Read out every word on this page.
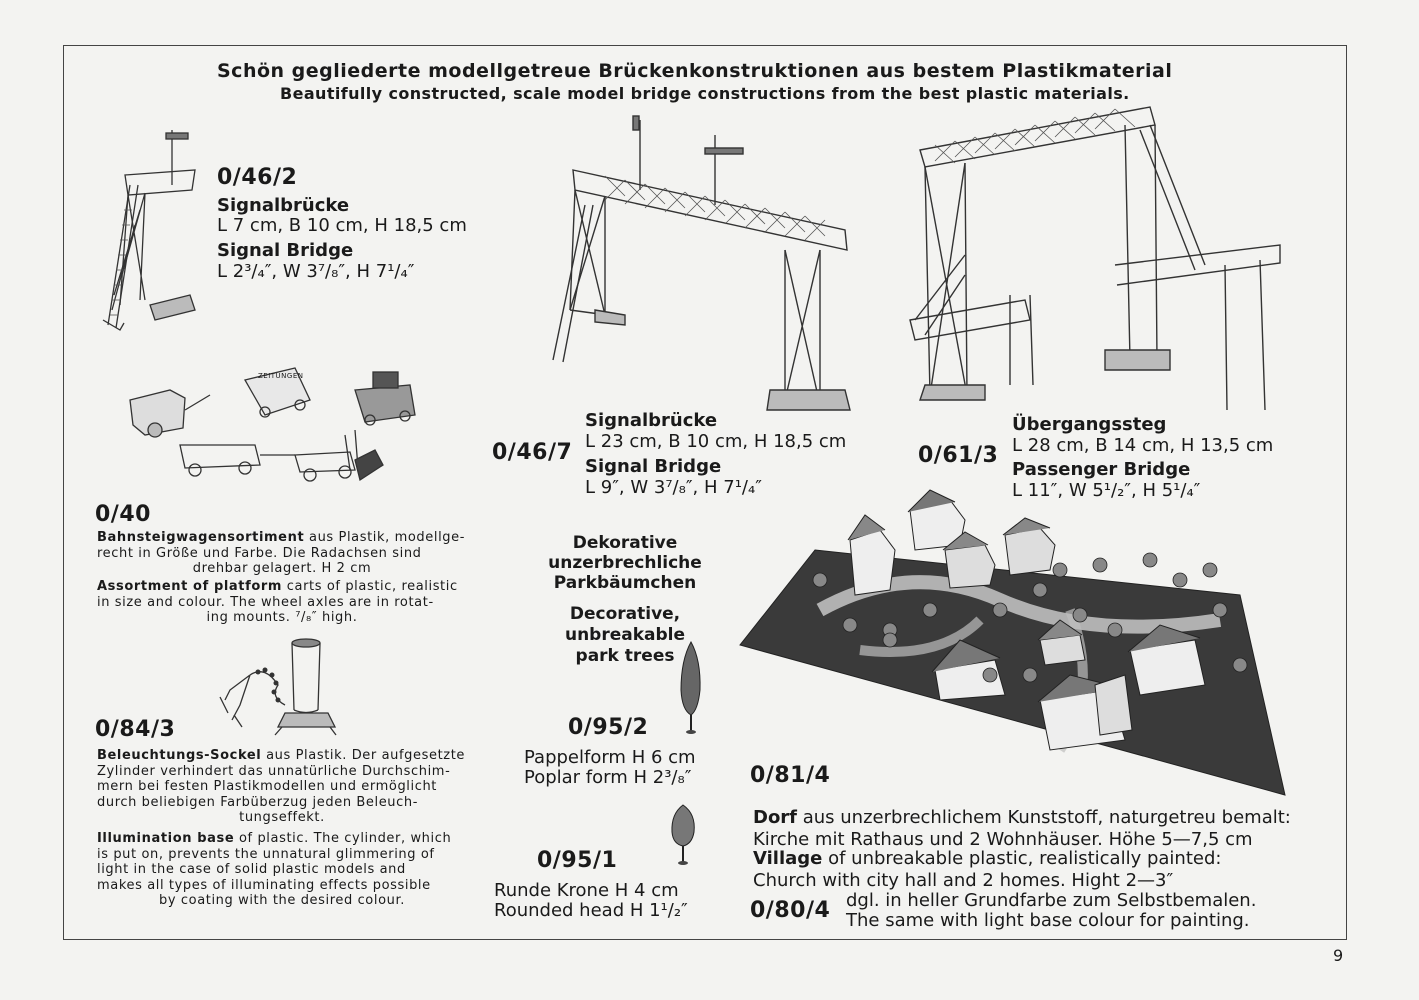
Schön gegliederte modellgetreue Brückenkonstruktionen aus bestem Plastikmaterial
Beautifully constructed, scale model bridge constructions from the best plastic materials.
0/46/2
Signalbrücke
L 7 cm, B 10 cm, H 18,5 cm
Signal Bridge
L 2³/₄″, W 3⁷/₈″, H 7¹/₄″
Signalbrücke
L 23 cm, B 10 cm, H 18,5 cm
0/46/7
Signal Bridge
L 9″, W 3⁷/₈″, H 7¹/₄″
Übergangssteg
L 28 cm, B 14 cm, H 13,5 cm
0/61/3
Passenger Bridge
L 11″, W 5¹/₂″, H 5¹/₄″
ZEITUNGEN
0/40
Bahnsteigwagensortiment aus Plastik, modellge-
recht in Größe und Farbe. Die Radachsen sind
drehbar gelagert. H 2 cm
Assortment of platform carts of plastic, realistic
in size and colour. The wheel axles are in rotat-
ing mounts. ⁷/₈″ high.
0/84/3
Beleuchtungs-Sockel aus Plastik. Der aufgesetzte
Zylinder verhindert das unnatürliche Durchschim-
mern bei festen Plastikmodellen und ermöglicht
durch beliebigen Farbüberzug jeden Beleuch-
tungseffekt.
Illumination base of plastic. The cylinder, which
is put on, prevents the unnatural glimmering of
light in the case of solid plastic models and
makes all types of illuminating effects possible
by coating with the desired colour.
Dekorative
unzerbrechliche
Parkbäumchen
Decorative,
unbreakable
park trees
0/95/2
Pappelform H 6 cm
Poplar form H 2³/₈″
0/95/1
Runde Krone H 4 cm
Rounded head H 1¹/₂″
0/81/4
Dorf aus unzerbrechlichem Kunststoff, naturgetreu bemalt:
Kirche mit Rathaus und 2 Wohnhäuser. Höhe 5—7,5 cm
Village of unbreakable plastic, realistically painted:
Church with city hall and 2 homes. Hight 2—3″
0/80/4 dgl. in heller Grundfarbe zum Selbstbemalen.
The same with light base colour for painting.
9
